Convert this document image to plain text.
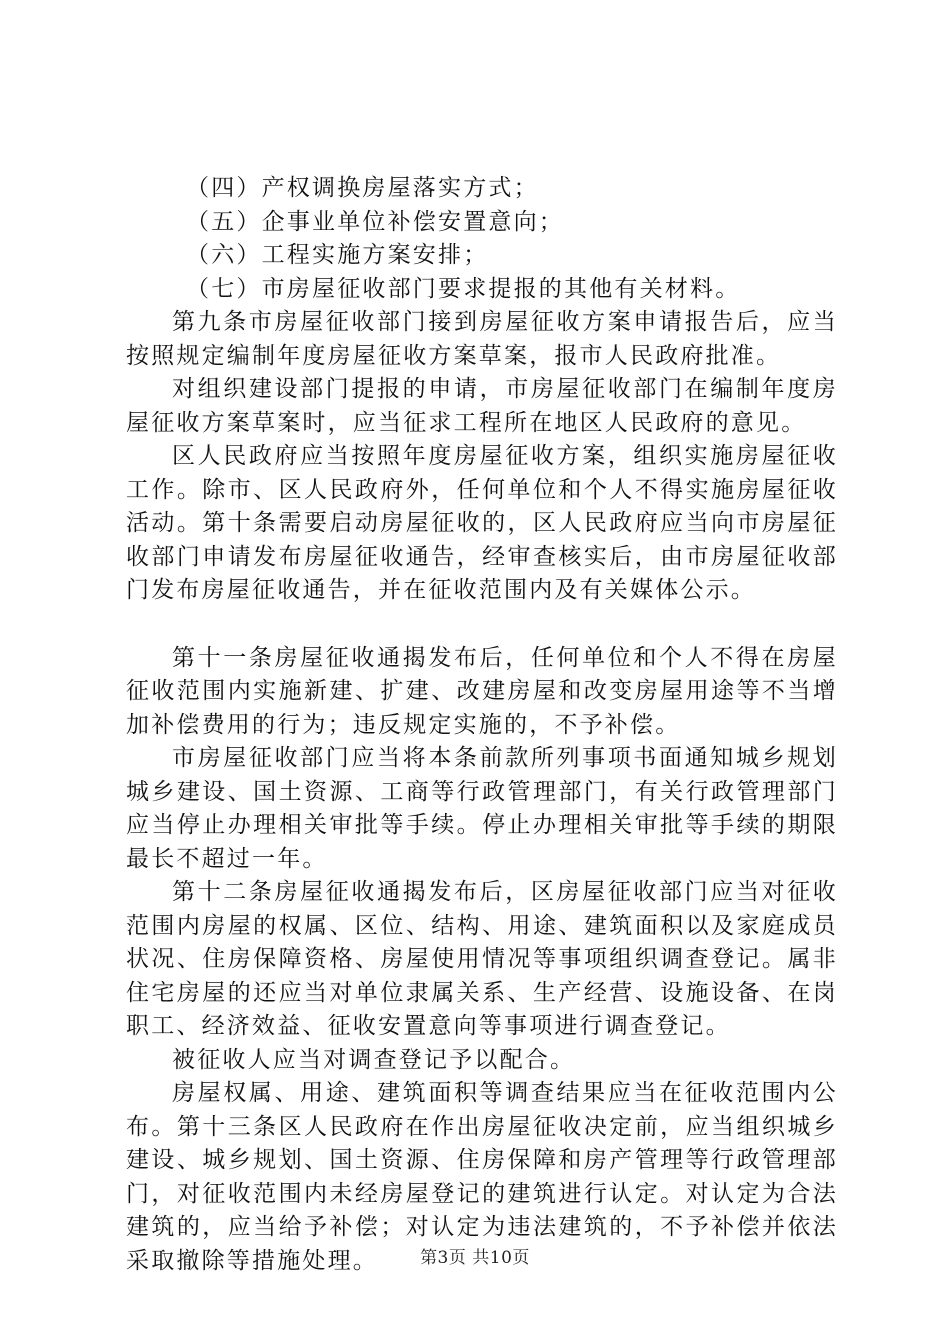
（四）产权调换房屋落实方式；

（五）企事业单位补偿安置意向；

（六）工程实施方案安排；

（七）市房屋征收部门要求提报的其他有关材料。

第九条市房屋征收部门接到房屋征收方案申请报告后，应当按照规定编制年度房屋征收方案草案，报市人民政府批准。

对组织建设部门提报的申请，市房屋征收部门在编制年度房屋征收方案草案时，应当征求工程所在地区人民政府的意见。

区人民政府应当按照年度房屋征收方案，组织实施房屋征收工作。除市、区人民政府外，任何单位和个人不得实施房屋征收活动。第十条需要启动房屋征收的，区人民政府应当向市房屋征收部门申请发布房屋征收通告，经审查核实后，由市房屋征收部门发布房屋征收通告，并在征收范围内及有关媒体公示。

第十一条房屋征收通揭发布后，任何单位和个人不得在房屋征收范围内实施新建、扩建、改建房屋和改变房屋用途等不当增加补偿费用的行为；违反规定实施的，不予补偿。

市房屋征收部门应当将本条前款所列事项书面通知城乡规划城乡建设、国土资源、工商等行政管理部门，有关行政管理部门应当停止办理相关审批等手续。停止办理相关审批等手续的期限最长不超过一年。

第十二条房屋征收通揭发布后，区房屋征收部门应当对征收范围内房屋的权属、区位、结构、用途、建筑面积以及家庭成员状况、住房保障资格、房屋使用情况等事项组织调查登记。属非住宅房屋的还应当对单位隶属关系、生产经营、设施设备、在岗职工、经济效益、征收安置意向等事项进行调查登记。

被征收人应当对调查登记予以配合。

房屋权属、用途、建筑面积等调查结果应当在征收范围内公布。第十三条区人民政府在作出房屋征收决定前，应当组织城乡建设、城乡规划、国土资源、住房保障和房产管理等行政管理部门，对征收范围内未经房屋登记的建筑进行认定。对认定为合法建筑的，应当给予补偿；对认定为违法建筑的，不予补偿并依法采取撤除等措施处理。	第3页 共10页
